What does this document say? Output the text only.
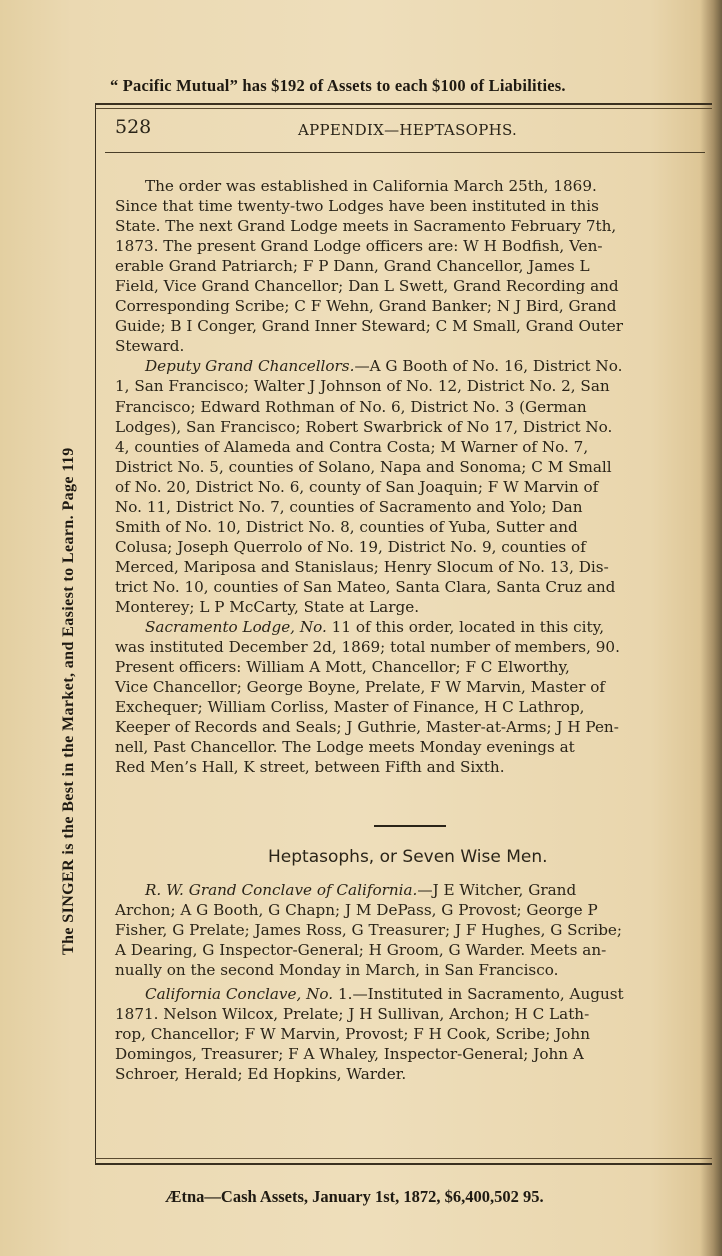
“ Pacific Mutual” has $192 of Assets to each $100 of Liabilities.
The SINGER is the Best in the Market, and Easiest to Learn. Page 119
528	APPENDIX—HEPTASOPHS.
The order was established in California March 25th, 1869.
Since that time twenty-two Lodges have been instituted in this
State. The next Grand Lodge meets in Sacramento February 7th,
1873. The present Grand Lodge officers are: W H Bodfish, Ven-
erable Grand Patriarch; F P Dann, Grand Chancellor, James L
Field, Vice Grand Chancellor; Dan L Swett, Grand Recording and
Corresponding Scribe; C F Wehn, Grand Banker; N J Bird, Grand
Guide; B I Conger, Grand Inner Steward; C M Small, Grand Outer
Steward.
Deputy Grand Chancellors.—A G Booth of No. 16, District No.
1, San Francisco; Walter J Johnson of No. 12, District No. 2, San
Francisco; Edward Rothman of No. 6, District No. 3 (German
Lodges), San Francisco; Robert Swarbrick of No 17, District No.
4, counties of Alameda and Contra Costa; M Warner of No. 7,
District No. 5, counties of Solano, Napa and Sonoma; C M Small
of No. 20, District No. 6, county of San Joaquin; F W Marvin of
No. 11, District No. 7, counties of Sacramento and Yolo; Dan
Smith of No. 10, District No. 8, counties of Yuba, Sutter and
Colusa; Joseph Querrolo of No. 19, District No. 9, counties of
Merced, Mariposa and Stanislaus; Henry Slocum of No. 13, Dis-
trict No. 10, counties of San Mateo, Santa Clara, Santa Cruz and
Monterey; L P McCarty, State at Large.
Sacramento Lodge, No. 11 of this order, located in this city,
was instituted December 2d, 1869; total number of members, 90.
Present officers: William A Mott, Chancellor; F C Elworthy,
Vice Chancellor; George Boyne, Prelate, F W Marvin, Master of
Exchequer; William Corliss, Master of Finance, H C Lathrop,
Keeper of Records and Seals; J Guthrie, Master-at-Arms; J H Pen-
nell, Past Chancellor. The Lodge meets Monday evenings at
Red Men’s Hall, K street, between Fifth and Sixth.
Heptasophs, or Seven Wise Men.
R. W. Grand Conclave of California.—J E Witcher, Grand
Archon; A G Booth, G Chapn; J M DePass, G Provost; George P
Fisher, G Prelate; James Ross, G Treasurer; J F Hughes, G Scribe;
A Dearing, G Inspector-General; H Groom, G Warder. Meets an-
nually on the second Monday in March, in San Francisco.
California Conclave, No. 1.—Instituted in Sacramento, August
1871. Nelson Wilcox, Prelate; J H Sullivan, Archon; H C Lath-
rop, Chancellor; F W Marvin, Provost; F H Cook, Scribe; John
Domingos, Treasurer; F A Whaley, Inspector-General; John A
Schroer, Herald; Ed Hopkins, Warder.
Ætna—Cash Assets, January 1st, 1872, $6,400,502 95.
